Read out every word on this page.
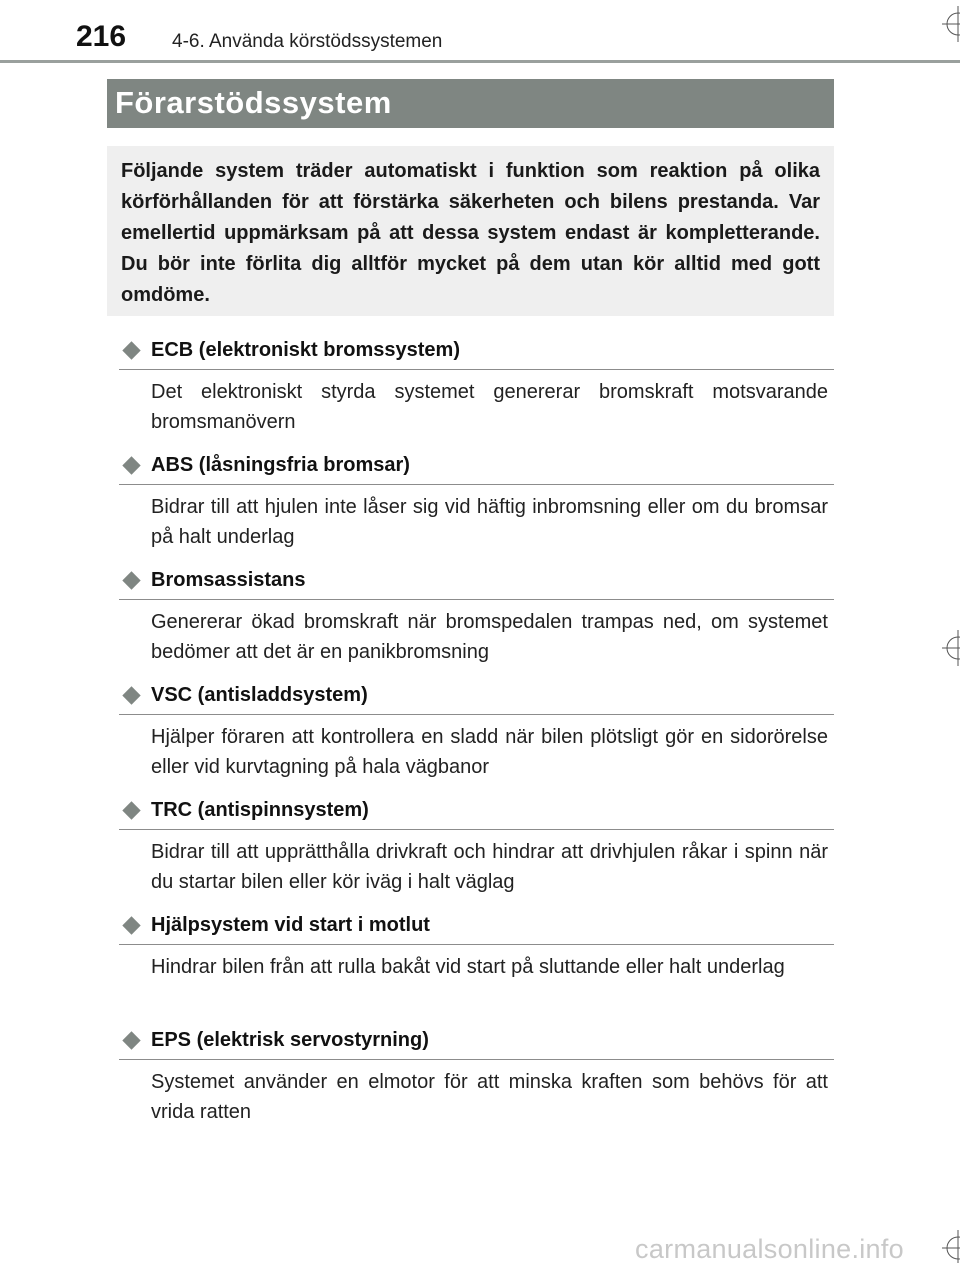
216 4-6. Använda körstödssystemen
Förarstödssystem
Följande system träder automatiskt i funktion som reaktion på olika körförhållanden för att förstärka säkerheten och bilens prestanda. Var emellertid uppmärksam på att dessa system endast är kompletterande. Du bör inte förlita dig alltför mycket på dem utan kör alltid med gott omdöme.
ECB (elektroniskt bromssystem)
Det elektroniskt styrda systemet genererar bromskraft motsvarande bromsmanövern
ABS (låsningsfria bromsar)
Bidrar till att hjulen inte låser sig vid häftig inbromsning eller om du bromsar på halt underlag
Bromsassistans
Genererar ökad bromskraft när bromspedalen trampas ned, om systemet bedömer att det är en panikbromsning
VSC (antisladdsystem)
Hjälper föraren att kontrollera en sladd när bilen plötsligt gör en sidorörelse eller vid kurvtagning på hala vägbanor
TRC (antispinnsystem)
Bidrar till att upprätthålla drivkraft och hindrar att drivhjulen råkar i spinn när du startar bilen eller kör iväg i halt väglag
Hjälpsystem vid start i motlut
Hindrar bilen från att rulla bakåt vid start på sluttande eller halt underlag
EPS (elektrisk servostyrning)
Systemet använder en elmotor för att minska kraften som behövs för att vrida ratten
carmanualsonline.info
